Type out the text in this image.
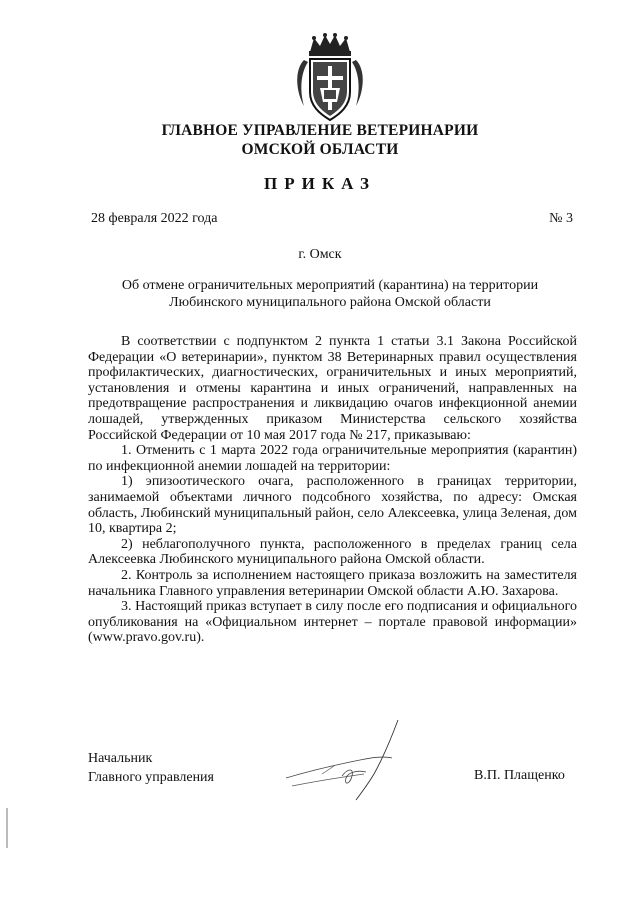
ГЛАВНОЕ УПРАВЛЕНИЕ ВЕТЕРИНАРИИ
ОМСКОЙ ОБЛАСТИ
ПРИКАЗ
28 февраля 2022 года	№ 3
г. Омск
Об отмене ограничительных мероприятий (карантина) на территории Любинского муниципального района Омской области

В соответствии с подпунктом 2 пункта 1 статьи 3.1 Закона Российской Федерации «О ветеринарии», пунктом 38 Ветеринарных правил осуществления профилактических, диагностических, ограничительных и иных мероприятий, установления и отмены карантина и иных ограничений, направленных на предотвращение распространения и ликвидацию очагов инфекционной анемии лошадей, утвержденных приказом Министерства сельского хозяйства Российской Федерации от 10 мая 2017 года № 217, приказываю:

1. Отменить с 1 марта 2022 года ограничительные мероприятия (карантин) по инфекционной анемии лошадей на территории:

1) эпизоотического очага, расположенного в границах территории, занимаемой объектами личного подсобного хозяйства, по адресу: Омская область, Любинский муниципальный район, село Алексеевка, улица Зеленая, дом 10, квартира 2;

2) неблагополучного пункта, расположенного в пределах границ села Алексеевка Любинского муниципального района Омской области.

2. Контроль за исполнением настоящего приказа возложить на заместителя начальника Главного управления ветеринарии Омской области А.Ю. Захарова.

3. Настоящий приказ вступает в силу после его подписания и официального опубликования на «Официальном интернет – портале правовой информации» (www.pravo.gov.ru).

Начальник
Главного управления	В.П. Плащенко
